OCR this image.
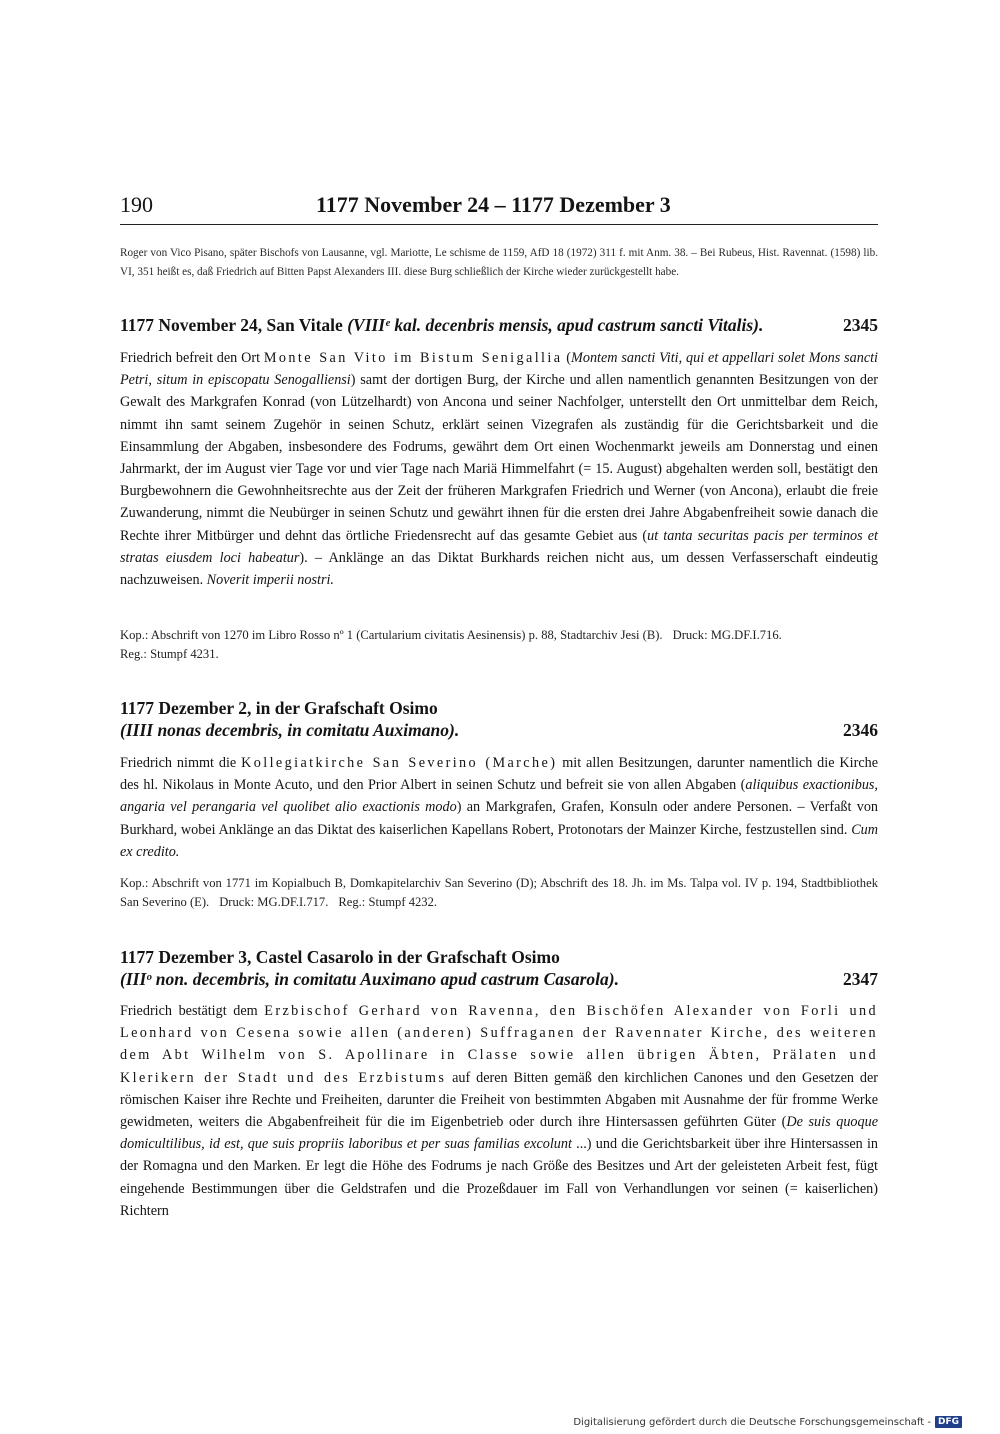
190	1177 November 24 – 1177 Dezember 3
Roger von Vico Pisano, später Bischofs von Lausanne, vgl. Mariotte, Le schisme de 1159, AfD 18 (1972) 311 f. mit Anm. 38. – Bei Rubeus, Hist. Ravennat. (1598) lib. VI, 351 heißt es, daß Friedrich auf Bitten Papst Alexanders III. diese Burg schließlich der Kirche wieder zurückgestellt habe.
1177 November 24, San Vitale (VIIIᵉ kal. decenbris mensis, apud castrum sancti Vitalis).	2345
Friedrich befreit den Ort Monte San Vito im Bistum Senigallia (Montem sancti Viti, qui et appellari solet Mons sancti Petri, situm in episcopatu Senogalliensi) samt der dortigen Burg, der Kirche und allen namentlich genannten Besitzungen von der Gewalt des Markgrafen Konrad (von Lützelhardt) von Ancona und seiner Nachfolger, unterstellt den Ort unmittelbar dem Reich, nimmt ihn samt seinem Zugehör in seinen Schutz, erklärt seinen Vizegrafen als zuständig für die Gerichtsbarkeit und die Einsammlung der Abgaben, insbesondere des Fodrums, gewährt dem Ort einen Wochenmarkt jeweils am Donnerstag und einen Jahrmarkt, der im August vier Tage vor und vier Tage nach Mariä Himmelfahrt (= 15. August) abgehalten werden soll, bestätigt den Burgbewohnern die Gewohnheitsrechte aus der Zeit der früheren Markgrafen Friedrich und Werner (von Ancona), erlaubt die freie Zuwanderung, nimmt die Neubürger in seinen Schutz und gewährt ihnen für die ersten drei Jahre Abgabenfreiheit sowie danach die Rechte ihrer Mitbürger und dehnt das örtliche Friedensrecht auf das gesamte Gebiet aus (ut tanta securitas pacis per terminos et stratas eiusdem loci habeatur). – Anklänge an das Diktat Burkhards reichen nicht aus, um dessen Verfasserschaft eindeutig nachzuweisen. Noverit imperii nostri.
Kop.: Abschrift von 1270 im Libro Rosso nº 1 (Cartularium civitatis Aesinensis) p. 88, Stadtarchiv Jesi (B). Druck: MG.DF.I.716.
Reg.: Stumpf 4231.
1177 Dezember 2, in der Grafschaft Osimo
(IIII nonas decembris, in comitatu Auximano).	2346
Friedrich nimmt die Kollegiatkirche San Severino (Marche) mit allen Besitzungen, darunter namentlich die Kirche des hl. Nikolaus in Monte Acuto, und den Prior Albert in seinen Schutz und befreit sie von allen Abgaben (aliquibus exactionibus, angaria vel perangaria vel quolibet alio exactionis modo) an Markgrafen, Grafen, Konsuln oder andere Personen. – Verfaßt von Burkhard, wobei Anklänge an das Diktat des kaiserlichen Kapellans Robert, Protonotars der Mainzer Kirche, festzustellen sind. Cum ex credito.
Kop.: Abschrift von 1771 im Kopialbuch B, Domkapitelarchiv San Severino (D); Abschrift des 18. Jh. im Ms. Talpa vol. IV p. 194, Stadtbibliothek San Severino (E). Druck: MG.DF.I.717. Reg.: Stumpf 4232.
1177 Dezember 3, Castel Casarolo in der Grafschaft Osimo
(IIIᵒ non. decembris, in comitatu Auximano apud castrum Casarola).	2347
Friedrich bestätigt dem Erzbischof Gerhard von Ravenna, den Bischöfen Alexander von Forli und Leonhard von Cesena sowie allen (anderen) Suffraganen der Ravennater Kirche, des weiteren dem Abt Wilhelm von S. Apollinare in Classe sowie allen übrigen Äbten, Prälaten und Klerikern der Stadt und des Erzbistums auf deren Bitten gemäß den kirchlichen Canones und den Gesetzen der römischen Kaiser ihre Rechte und Freiheiten, darunter die Freiheit von bestimmten Abgaben mit Ausnahme der für fromme Werke gewidmeten, weiters die Abgabenfreiheit für die im Eigenbetrieb oder durch ihre Hintersassen geführten Güter (De suis quoque domicultilibus, id est, que suis propriis laboribus et per suas familias excolunt ...) und die Gerichtsbarkeit über ihre Hintersassen in der Romagna und den Marken. Er legt die Höhe des Fodrums je nach Größe des Besitzes und Art der geleisteten Arbeit fest, fügt eingehende Bestimmungen über die Geldstrafen und die Prozeßdauer im Fall von Verhandlungen vor seinen (= kaiserlichen) Richtern
Digitalisierung gefördert durch die Deutsche Forschungsgemeinschaft - DFG
